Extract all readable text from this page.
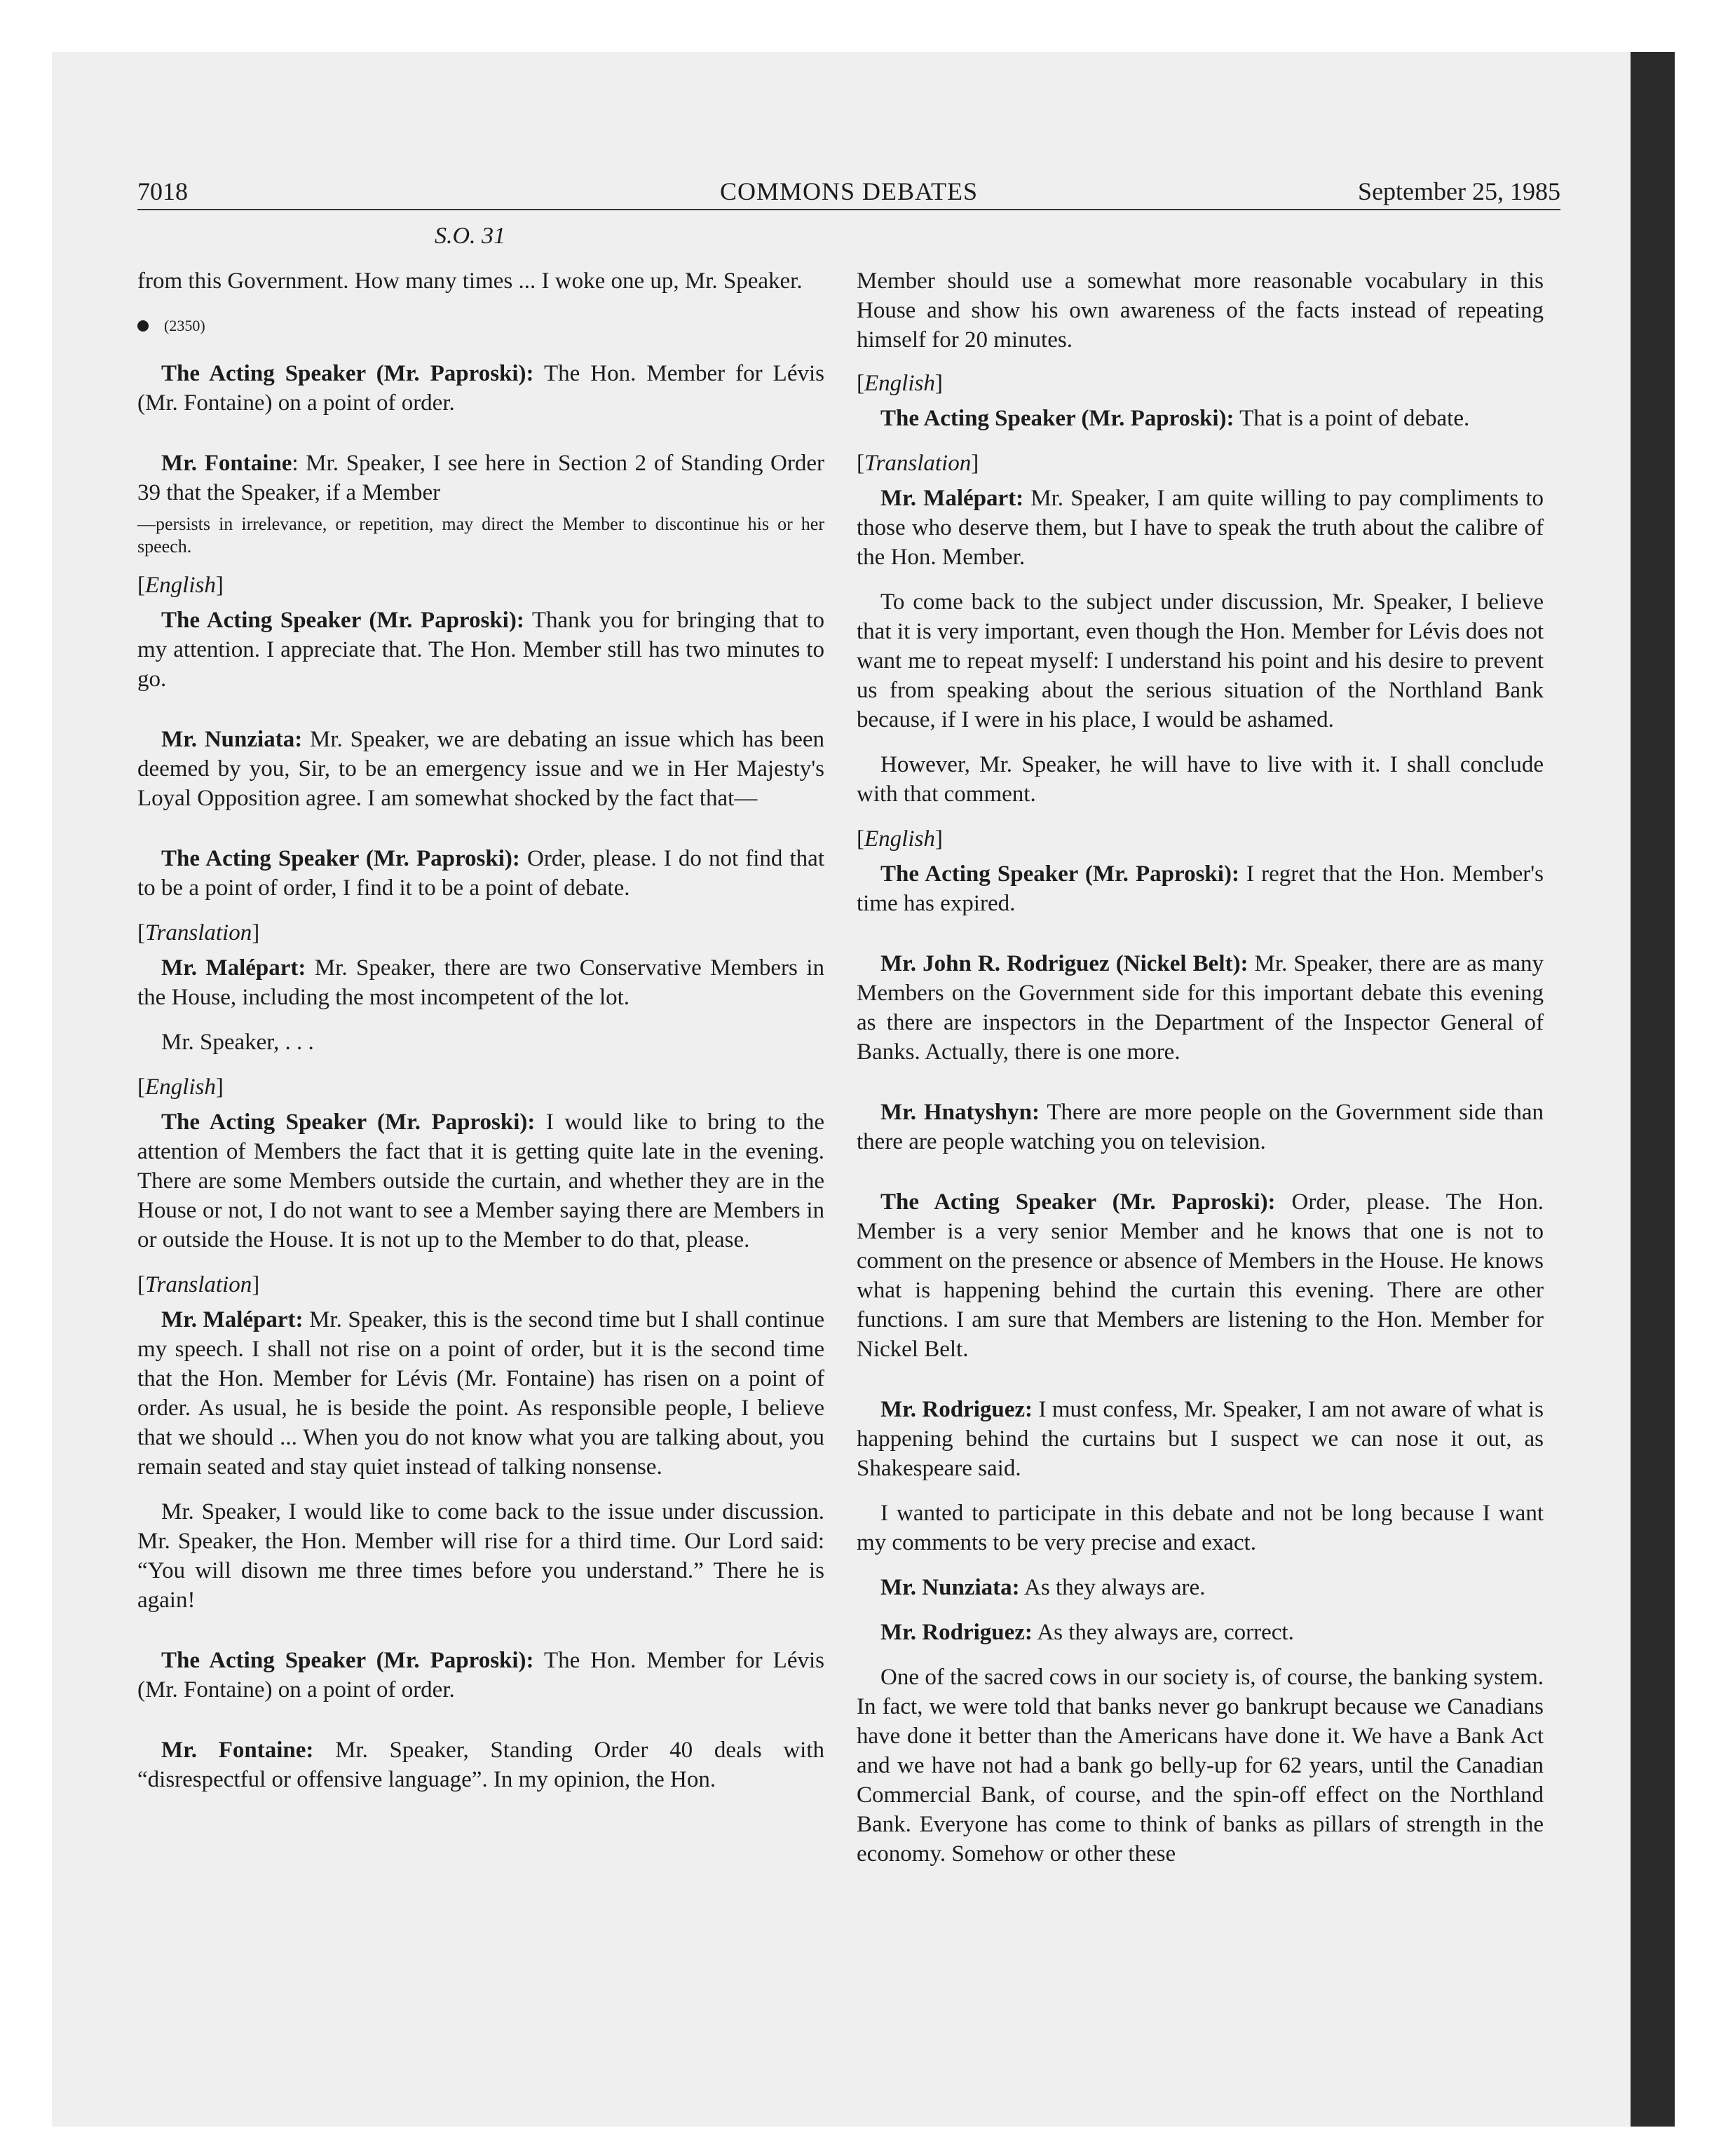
7018	COMMONS DEBATES	September 25, 1985
S.O. 31

from this Government. How many times ... I woke one up, Mr. Speaker.

(2350)

The Acting Speaker (Mr. Paproski): The Hon. Member for Lévis (Mr. Fontaine) on a point of order.

Mr. Fontaine: Mr. Speaker, I see here in Section 2 of Standing Order 39 that the Speaker, if a Member

—persists in irrelevance, or repetition, may direct the Member to discontinue his or her speech.
[English]

The Acting Speaker (Mr. Paproski): Thank you for bringing that to my attention. I appreciate that. The Hon. Member still has two minutes to go.

Mr. Nunziata: Mr. Speaker, we are debating an issue which has been deemed by you, Sir, to be an emergency issue and we in Her Majesty's Loyal Opposition agree. I am somewhat shocked by the fact that—

The Acting Speaker (Mr. Paproski): Order, please. I do not find that to be a point of order, I find it to be a point of debate.

[Translation]

Mr. Malépart: Mr. Speaker, there are two Conservative Members in the House, including the most incompetent of the lot.

Mr. Speaker, . . .

[English]

The Acting Speaker (Mr. Paproski): I would like to bring to the attention of Members the fact that it is getting quite late in the evening. There are some Members outside the curtain, and whether they are in the House or not, I do not want to see a Member saying there are Members in or outside the House. It is not up to the Member to do that, please.

[Translation]

Mr. Malépart: Mr. Speaker, this is the second time but I shall continue my speech. I shall not rise on a point of order, but it is the second time that the Hon. Member for Lévis (Mr. Fontaine) has risen on a point of order. As usual, he is beside the point. As responsible people, I believe that we should ... When you do not know what you are talking about, you remain seated and stay quiet instead of talking nonsense.

Mr. Speaker, I would like to come back to the issue under discussion. Mr. Speaker, the Hon. Member will rise for a third time. Our Lord said: “You will disown me three times before you understand.” There he is again!

The Acting Speaker (Mr. Paproski): The Hon. Member for Lévis (Mr. Fontaine) on a point of order.

Mr. Fontaine: Mr. Speaker, Standing Order 40 deals with “disrespectful or offensive language”. In my opinion, the Hon.

Member should use a somewhat more reasonable vocabulary in this House and show his own awareness of the facts instead of repeating himself for 20 minutes.

[English]

The Acting Speaker (Mr. Paproski): That is a point of debate.

[Translation]

Mr. Malépart: Mr. Speaker, I am quite willing to pay compliments to those who deserve them, but I have to speak the truth about the calibre of the Hon. Member.

To come back to the subject under discussion, Mr. Speaker, I believe that it is very important, even though the Hon. Member for Lévis does not want me to repeat myself: I understand his point and his desire to prevent us from speaking about the serious situation of the Northland Bank because, if I were in his place, I would be ashamed.

However, Mr. Speaker, he will have to live with it. I shall conclude with that comment.

[English]

The Acting Speaker (Mr. Paproski): I regret that the Hon. Member's time has expired.

Mr. John R. Rodriguez (Nickel Belt): Mr. Speaker, there are as many Members on the Government side for this important debate this evening as there are inspectors in the Department of the Inspector General of Banks. Actually, there is one more.

Mr. Hnatyshyn: There are more people on the Government side than there are people watching you on television.

The Acting Speaker (Mr. Paproski): Order, please. The Hon. Member is a very senior Member and he knows that one is not to comment on the presence or absence of Members in the House. He knows what is happening behind the curtain this evening. There are other functions. I am sure that Members are listening to the Hon. Member for Nickel Belt.

Mr. Rodriguez: I must confess, Mr. Speaker, I am not aware of what is happening behind the curtains but I suspect we can nose it out, as Shakespeare said.

I wanted to participate in this debate and not be long because I want my comments to be very precise and exact.

Mr. Nunziata: As they always are.

Mr. Rodriguez: As they always are, correct.

One of the sacred cows in our society is, of course, the banking system. In fact, we were told that banks never go bankrupt because we Canadians have done it better than the Americans have done it. We have a Bank Act and we have not had a bank go belly-up for 62 years, until the Canadian Commercial Bank, of course, and the spin-off effect on the Northland Bank. Everyone has come to think of banks as pillars of strength in the economy. Somehow or other these
